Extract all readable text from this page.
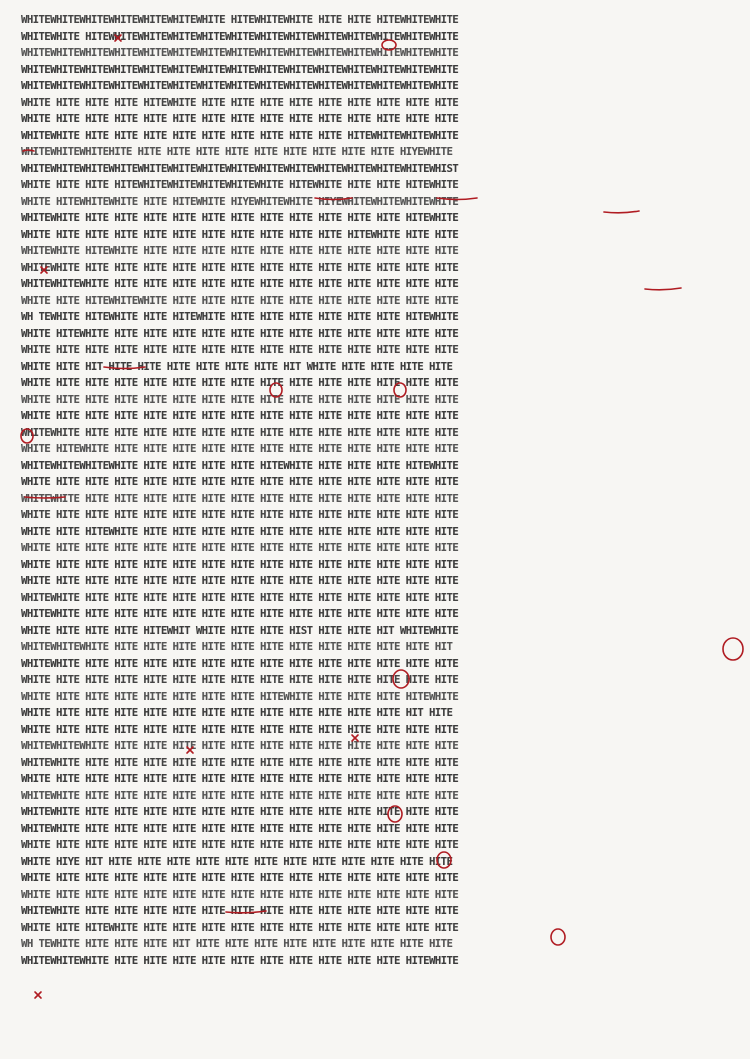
WHITEWHITEWHITEWHITEWHITEWHITEWHITE HITEWHITEWHITE HITE HITE HITEWHITEWHITE
WHITEWHITE HITEWHITEWHITEWHITEWHITEWHITEWHITEWHITEWHITEWHITEWHITEWHITEWHITE
WHITEWHITEWHITEWHITEWHITEWHITEWHITEWHITEWHITEWHITEWHITEWHITEWHITEWHITEWHITE
WHITEWHITEWHITEWHITEWHITEWHITEWHITEWHITEWHITEWHITEWHITEWHITEWHITEWHITEWHITE
WHITEWHITEWHITEWHITEWHITEWHITEWHITEWHITEWHITEWHITEWHITEWHITEWHITEWHITEWHITE
WHITE HITE HITE HITE HITEWHITE HITE HITE HITE HITE HITE HITE HITE HITE HITE
WHITE HITE HITE HITE HITE HITE HITE HITE HITE HITE HITE HITE HITE HITE HITE
WHITEWHITE HITE HITE HITE HITE HITE HITE HITE HITE HITE HITEWHITEWHITEWHITE
WHITEWHITEWHITEHITE HITE HITE HITE HITE HITE HITE HITE HITE HITE HIYEWHITE
WHITEWHITEWHITEWHITEWHITEWHITEWHITEWHITEWHITEWHITEWHITEWHITEWHITEWHITEWHIST
WHITE HITE HITE HITEWHITEWHITEWHITEWHITEWHITE HITEWHITE HITE HITE HITEWHITE
WHITE HITEWHITEWHITE HITE HITEWHITE HIYEWHITEWHITE HIYEWHITEWHITEWHITEWHITE
WHITEWHITE HITE HITE HITE HITE HITE HITE HITE HITE HITE HITE HITE HITEWHITE
WHITE HITE HITE HITE HITE HITE HITE HITE HITE HITE HITE HITEWHITE HITE HITE
WHITEWHITE HITEWHITE HITE HITE HITE HITE HITE HITE HITE HITE HITE HITE HITE
WHITEWHITE HITE HITE HITE HITE HITE HITE HITE HITE HITE HITE HITE HITE HITE
WHITEWHITEWHITE HITE HITE HITE HITE HITE HITE HITE HITE HITE HITE HITE HITE
WHITE HITE HITEWHITEWHITE HITE HITE HITE HITE HITE HITE HITE HITE HITE HITE
WH TEWHITE HITEWHITE HITE HITEWHITE HITE HITE HITE HITE HITE HITE HITEWHITE
WHITE HITEWHITE HITE HITE HITE HITE HITE HITE HITE HITE HITE HITE HITE HITE
WHITE HITE HITE HITE HITE HITE HITE HITE HITE HITE HITE HITE HITE HITE HITE
WHITE HITE HIT HITE HITE HITE HITE HITE HITE HIT WHITE HITE HITE HITE HITE
WHITE HITE HITE HITE HITE HITE HITE HITE HITE HITE HITE HITE HITE HITE HITE
WHITE HITE HITE HITE HITE HITE HITE HITE HITE HITE HITE HITE HITE HITE HITE
WHITE HITE HITE HITE HITE HITE HITE HITE HITE HITE HITE HITE HITE HITE HITE
WHITEWHITE HITE HITE HITE HITE HITE HITE HITE HITE HITE HITE HITE HITE HITE
WHITE HITEWHITE HITE HITE HITE HITE HITE HITE HITE HITE HITE HITE HITE HITE
WHITEWHITEWHITEWHITE HITE HITE HITE HITE HITEWHITE HITE HITE HITE HITEWHITE
WHITE HITE HITE HITE HITE HITE HITE HITE HITE HITE HITE HITE HITE HITE HITE
WHITEWHITE HITE HITE HITE HITE HITE HITE HITE HITE HITE HITE HITE HITE HITE
WHITE HITE HITE HITE HITE HITE HITE HITE HITE HITE HITE HITE HITE HITE HITE
WHITE HITE HITEWHITE HITE HITE HITE HITE HITE HITE HITE HITE HITE HITE HITE
WHITE HITE HITE HITE HITE HITE HITE HITE HITE HITE HITE HITE HITE HITE HITE
WHITE HITE HITE HITE HITE HITE HITE HITE HITE HITE HITE HITE HITE HITE HITE
WHITE HITE HITE HITE HITE HITE HITE HITE HITE HITE HITE HITE HITE HITE HITE
WHITEWHITE HITE HITE HITE HITE HITE HITE HITE HITE HITE HITE HITE HITE HITE
WHITEWHITE HITE HITE HITE HITE HITE HITE HITE HITE HITE HITE HITE HITE HITE
WHITE HITE HITE HITE HITEWHIT WHITE HITE HITE HIST HITE HITE HIT WHITEWHITE
WHITEWHITEWHITE HITE HITE HITE HITE HITE HITE HITE HITE HITE HITE HITE HIT
WHITEWHITE HITE HITE HITE HITE HITE HITE HITE HITE HITE HITE HITE HITE HITE
WHITE HITE HITE HITE HITE HITE HITE HITE HITE HITE HITE HITE HITE HITE HITE
WHITE HITE HITE HITE HITE HITE HITE HITE HITEWHITE HITE HITE HITE HITEWHITE
WHITE HITE HITE HITE HITE HITE HITE HITE HITE HITE HITE HITE HITE HIT HITE
WHITE HITE HITE HITE HITE HITE HITE HITE HITE HITE HITE HITE HITE HITE HITE
WHITEWHITEWHITE HITE HITE HITE HITE HITE HITE HITE HITE HITE HITE HITE HITE
WHITEWHITE HITE HITE HITE HITE HITE HITE HITE HITE HITE HITE HITE HITE HITE
WHITE HITE HITE HITE HITE HITE HITE HITE HITE HITE HITE HITE HITE HITE HITE
WHITEWHITE HITE HITE HITE HITE HITE HITE HITE HITE HITE HITE HITE HITE HITE
WHITEWHITE HITE HITE HITE HITE HITE HITE HITE HITE HITE HITE HITE HITE HITE
WHITEWHITE HITE HITE HITE HITE HITE HITE HITE HITE HITE HITE HITE HITE HITE
WHITE HITE HITE HITE HITE HITE HITE HITE HITE HITE HITE HITE HITE HITE HITE
WHITE HIYE HIT HITE HITE HITE HITE HITE HITE HITE HITE HITE HITE HITE HITE
WHITE HITE HITE HITE HITE HITE HITE HITE HITE HITE HITE HITE HITE HITE HITE
WHITE HITE HITE HITE HITE HITE HITE HITE HITE HITE HITE HITE HITE HITE HITE
WHITEWHITE HITE HITE HITE HITE HITE HITE HITE HITE HITE HITE HITE HITE HITE
WHITE HITE HITEWHITE HITE HITE HITE HITE HITE HITE HITE HITE HITE HITE HITE
WH TEWHITE HITE HITE HITE HIT HITE HITE HITE HITE HITE HITE HITE HITE HITE
WHITEWHITEWHITE HITE HITE HITE HITE HITE HITE HITE HITE HITE HITE HITEWHITE
